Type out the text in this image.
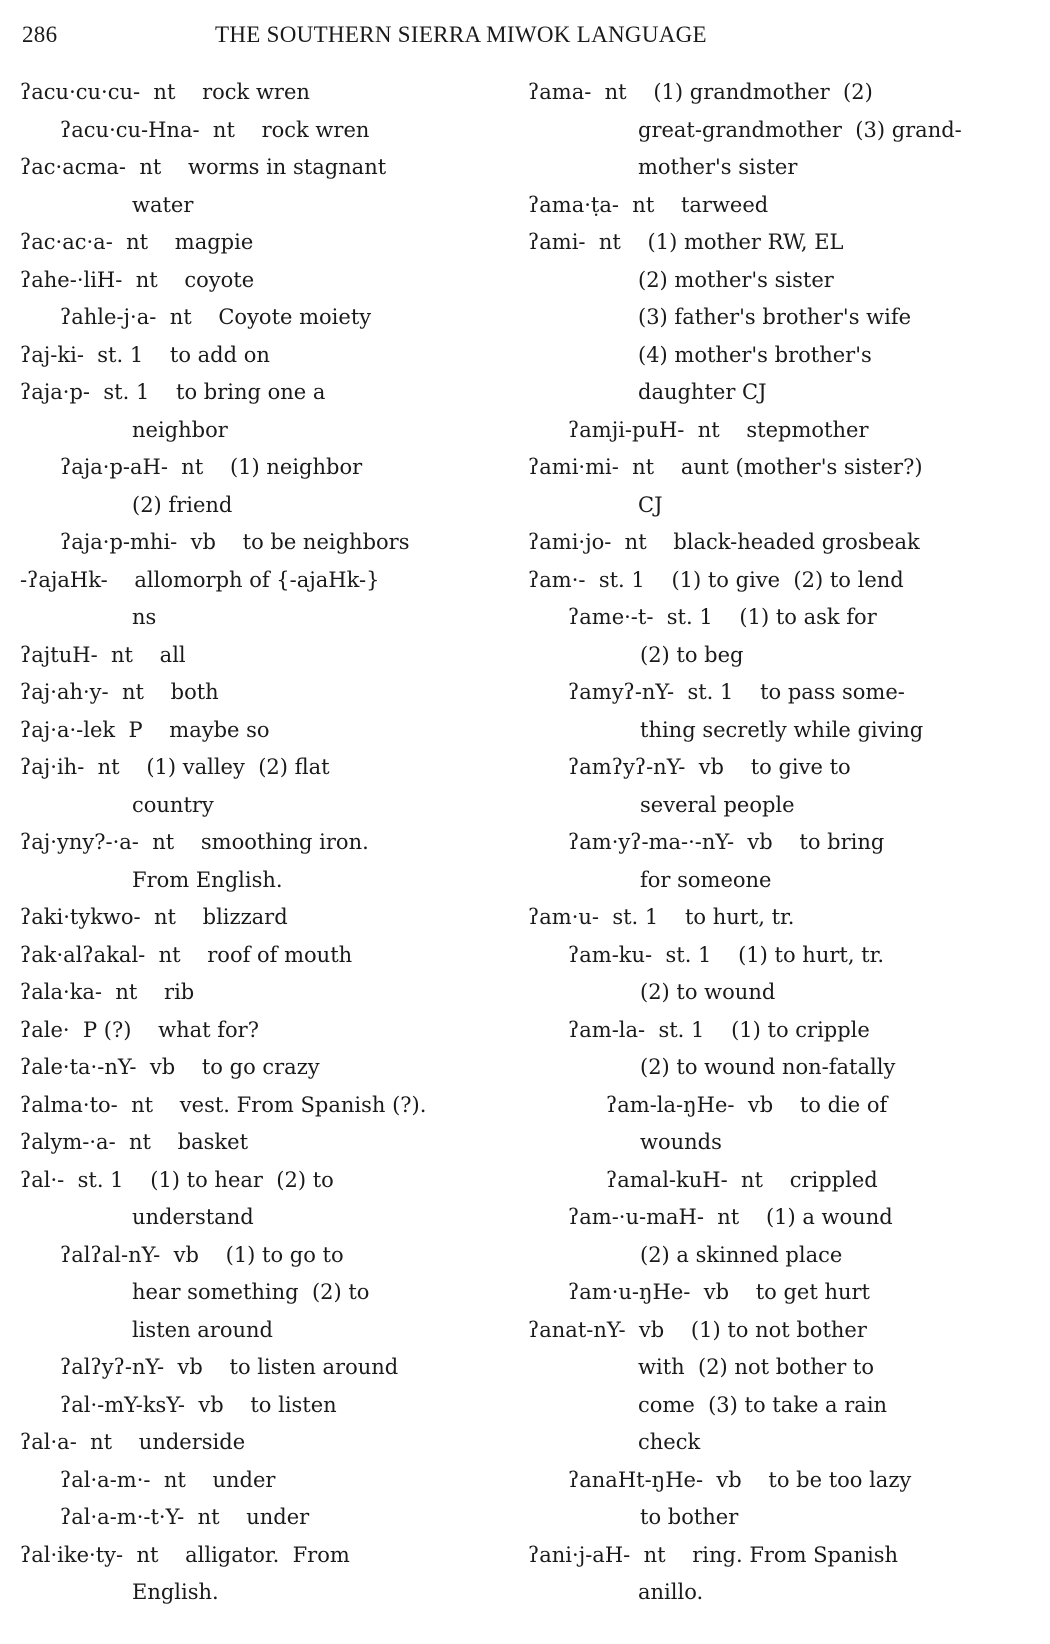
286	THE SOUTHERN SIERRA MIWOK LANGUAGE
ʔacu·cu·cu-  nt    rock wren
ʔacu·cu-Hna-  nt    rock wren
ʔac·acma-  nt    worms in stagnant
water
ʔac·ac·a-  nt    magpie
ʔahe-·liH-  nt    coyote
ʔahle-j·a-  nt    Coyote moiety
ʔaj-ki-  st. 1    to add on
ʔaja·p-  st. 1    to bring one a
neighbor
ʔaja·p-aH-  nt    (1) neighbor
(2) friend
ʔaja·p-mhi-  vb    to be neighbors
-ʔajaHk-    allomorph of {-ajaHk-}
ns
ʔajtuH-  nt    all
ʔaj·ah·y-  nt    both
ʔaj·a·-lek  P    maybe so
ʔaj·ih-  nt    (1) valley  (2) flat
country
ʔaj·yny?-·a-  nt    smoothing iron.
From English.
ʔaki·tykwo-  nt    blizzard
ʔak·alʔakal-  nt    roof of mouth
ʔala·ka-  nt    rib
ʔale·  P (?)    what for?
ʔale·ta·-nY-  vb    to go crazy
ʔalma·to-  nt    vest. From Spanish (?).
ʔalym-·a-  nt    basket
ʔal·-  st. 1    (1) to hear  (2) to
understand
ʔalʔal-nY-  vb    (1) to go to
hear something  (2) to
listen around
ʔalʔyʔ-nY-  vb    to listen around
ʔal·-mY-ksY-  vb    to listen
ʔal·a-  nt    underside
ʔal·a-m·-  nt    under
ʔal·a-m·-t·Y-  nt    under
ʔal·ike·ty-  nt    alligator.  From
English.
ʔama-  nt    (1) grandmother  (2)
great-grandmother  (3) grand-
mother's sister
ʔama·ṭa-  nt    tarweed
ʔami-  nt    (1) mother RW, EL
(2) mother's sister
(3) father's brother's wife
(4) mother's brother's
daughter CJ
ʔamji-puH-  nt    stepmother
ʔami·mi-  nt    aunt (mother's sister?)
CJ
ʔami·jo-  nt    black-headed grosbeak
ʔam·-  st. 1    (1) to give  (2) to lend
ʔame·-t-  st. 1    (1) to ask for
(2) to beg
ʔamyʔ-nY-  st. 1    to pass some-
thing secretly while giving
ʔamʔyʔ-nY-  vb    to give to
several people
ʔam·yʔ-ma-·-nY-  vb    to bring
for someone
ʔam·u-  st. 1    to hurt, tr.
ʔam-ku-  st. 1    (1) to hurt, tr.
(2) to wound
ʔam-la-  st. 1    (1) to cripple
(2) to wound non-fatally
ʔam-la-ŋHe-  vb    to die of
wounds
ʔamal-kuH-  nt    crippled
ʔam-·u-maH-  nt    (1) a wound
(2) a skinned place
ʔam·u-ŋHe-  vb    to get hurt
ʔanat-nY-  vb    (1) to not bother
with  (2) not bother to
come  (3) to take a rain
check
ʔanaHt-ŋHe-  vb    to be too lazy
to bother
ʔani·j-aH-  nt    ring. From Spanish
anillo.
